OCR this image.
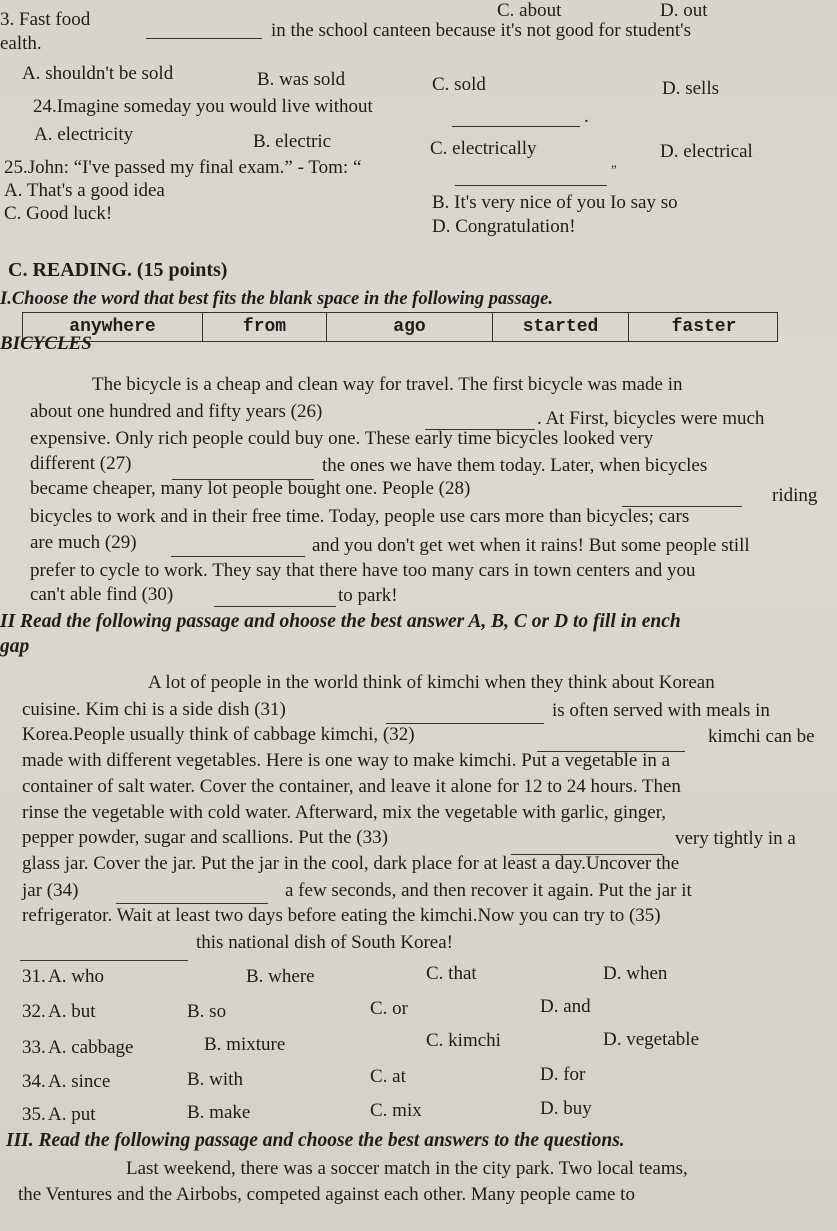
C. about	D. out
3. Fast food
in the school canteen because it's not good for student's
ealth.
A. shouldn't be sold	B. was sold	C. sold	D. sells
24.Imagine someday you would live without	.
A. electricity	B. electric	C. electrically	D. electrical
25.John: “I've passed my final exam.” - Tom: “	”
A. That's a good idea
B. It's very nice of you Io say so
C. Good luck!
D. Congratulation!
C. READING. (15 points)
I.Choose the word that best fits the blank space in the following passage.
anywhere	from	ago	started	faster
BICYCLES
The bicycle is a cheap and clean way for travel. The first bicycle was made in
about one hundred and fifty years (26)	. At First, bicycles were much
expensive. Only rich people could buy one. These early time bicycles looked very
different (27)	the ones we have them today. Later, when bicycles
became cheaper, many lot people bought one. People (28)	riding
bicycles to work and in their free time. Today, people use cars more than bicycles; cars
are much (29)	and you don't get wet when it rains! But some people still
prefer to cycle to work. They say that there have too many cars in town centers and you
can't able find (30)	to park!
II Read the following passage and ohoose the best answer A, B, C or D to fill in ench
gap
A lot of people in the world think of kimchi when they think about Korean
cuisine. Kim chi is a side dish (31)	is often served with meals in
Korea.People usually think of cabbage kimchi, (32)	kimchi can be
made with different vegetables. Here is one way to make kimchi. Put a vegetable in a
container of salt water. Cover the container, and leave it alone for 12 to 24 hours. Then
rinse the vegetable with cold water. Afterward, mix the vegetable with garlic, ginger,
pepper powder, sugar and scallions. Put the (33)	very tightly in a
glass jar. Cover the jar. Put the jar in the cool, dark place for at least a day.Uncover the
jar (34)	a few seconds, and then recover it again. Put the jar it
refrigerator. Wait at least two days before eating the kimchi.Now you can try to (35)
this national dish of South Korea!
31. A. who	B. where	C. that	D. when
32. A. but	B. so	C. or	D. and
33. A. cabbage	B. mixture	C. kimchi	D. vegetable
34. A. since	B. with	C. at	D. for
35. A. put	B. make	C. mix	D. buy
III. Read the following passage and choose the best answers to the questions.
Last weekend, there was a soccer match in the city park. Two local teams,
the Ventures and the Airbobs, competed against each other. Many people came to
